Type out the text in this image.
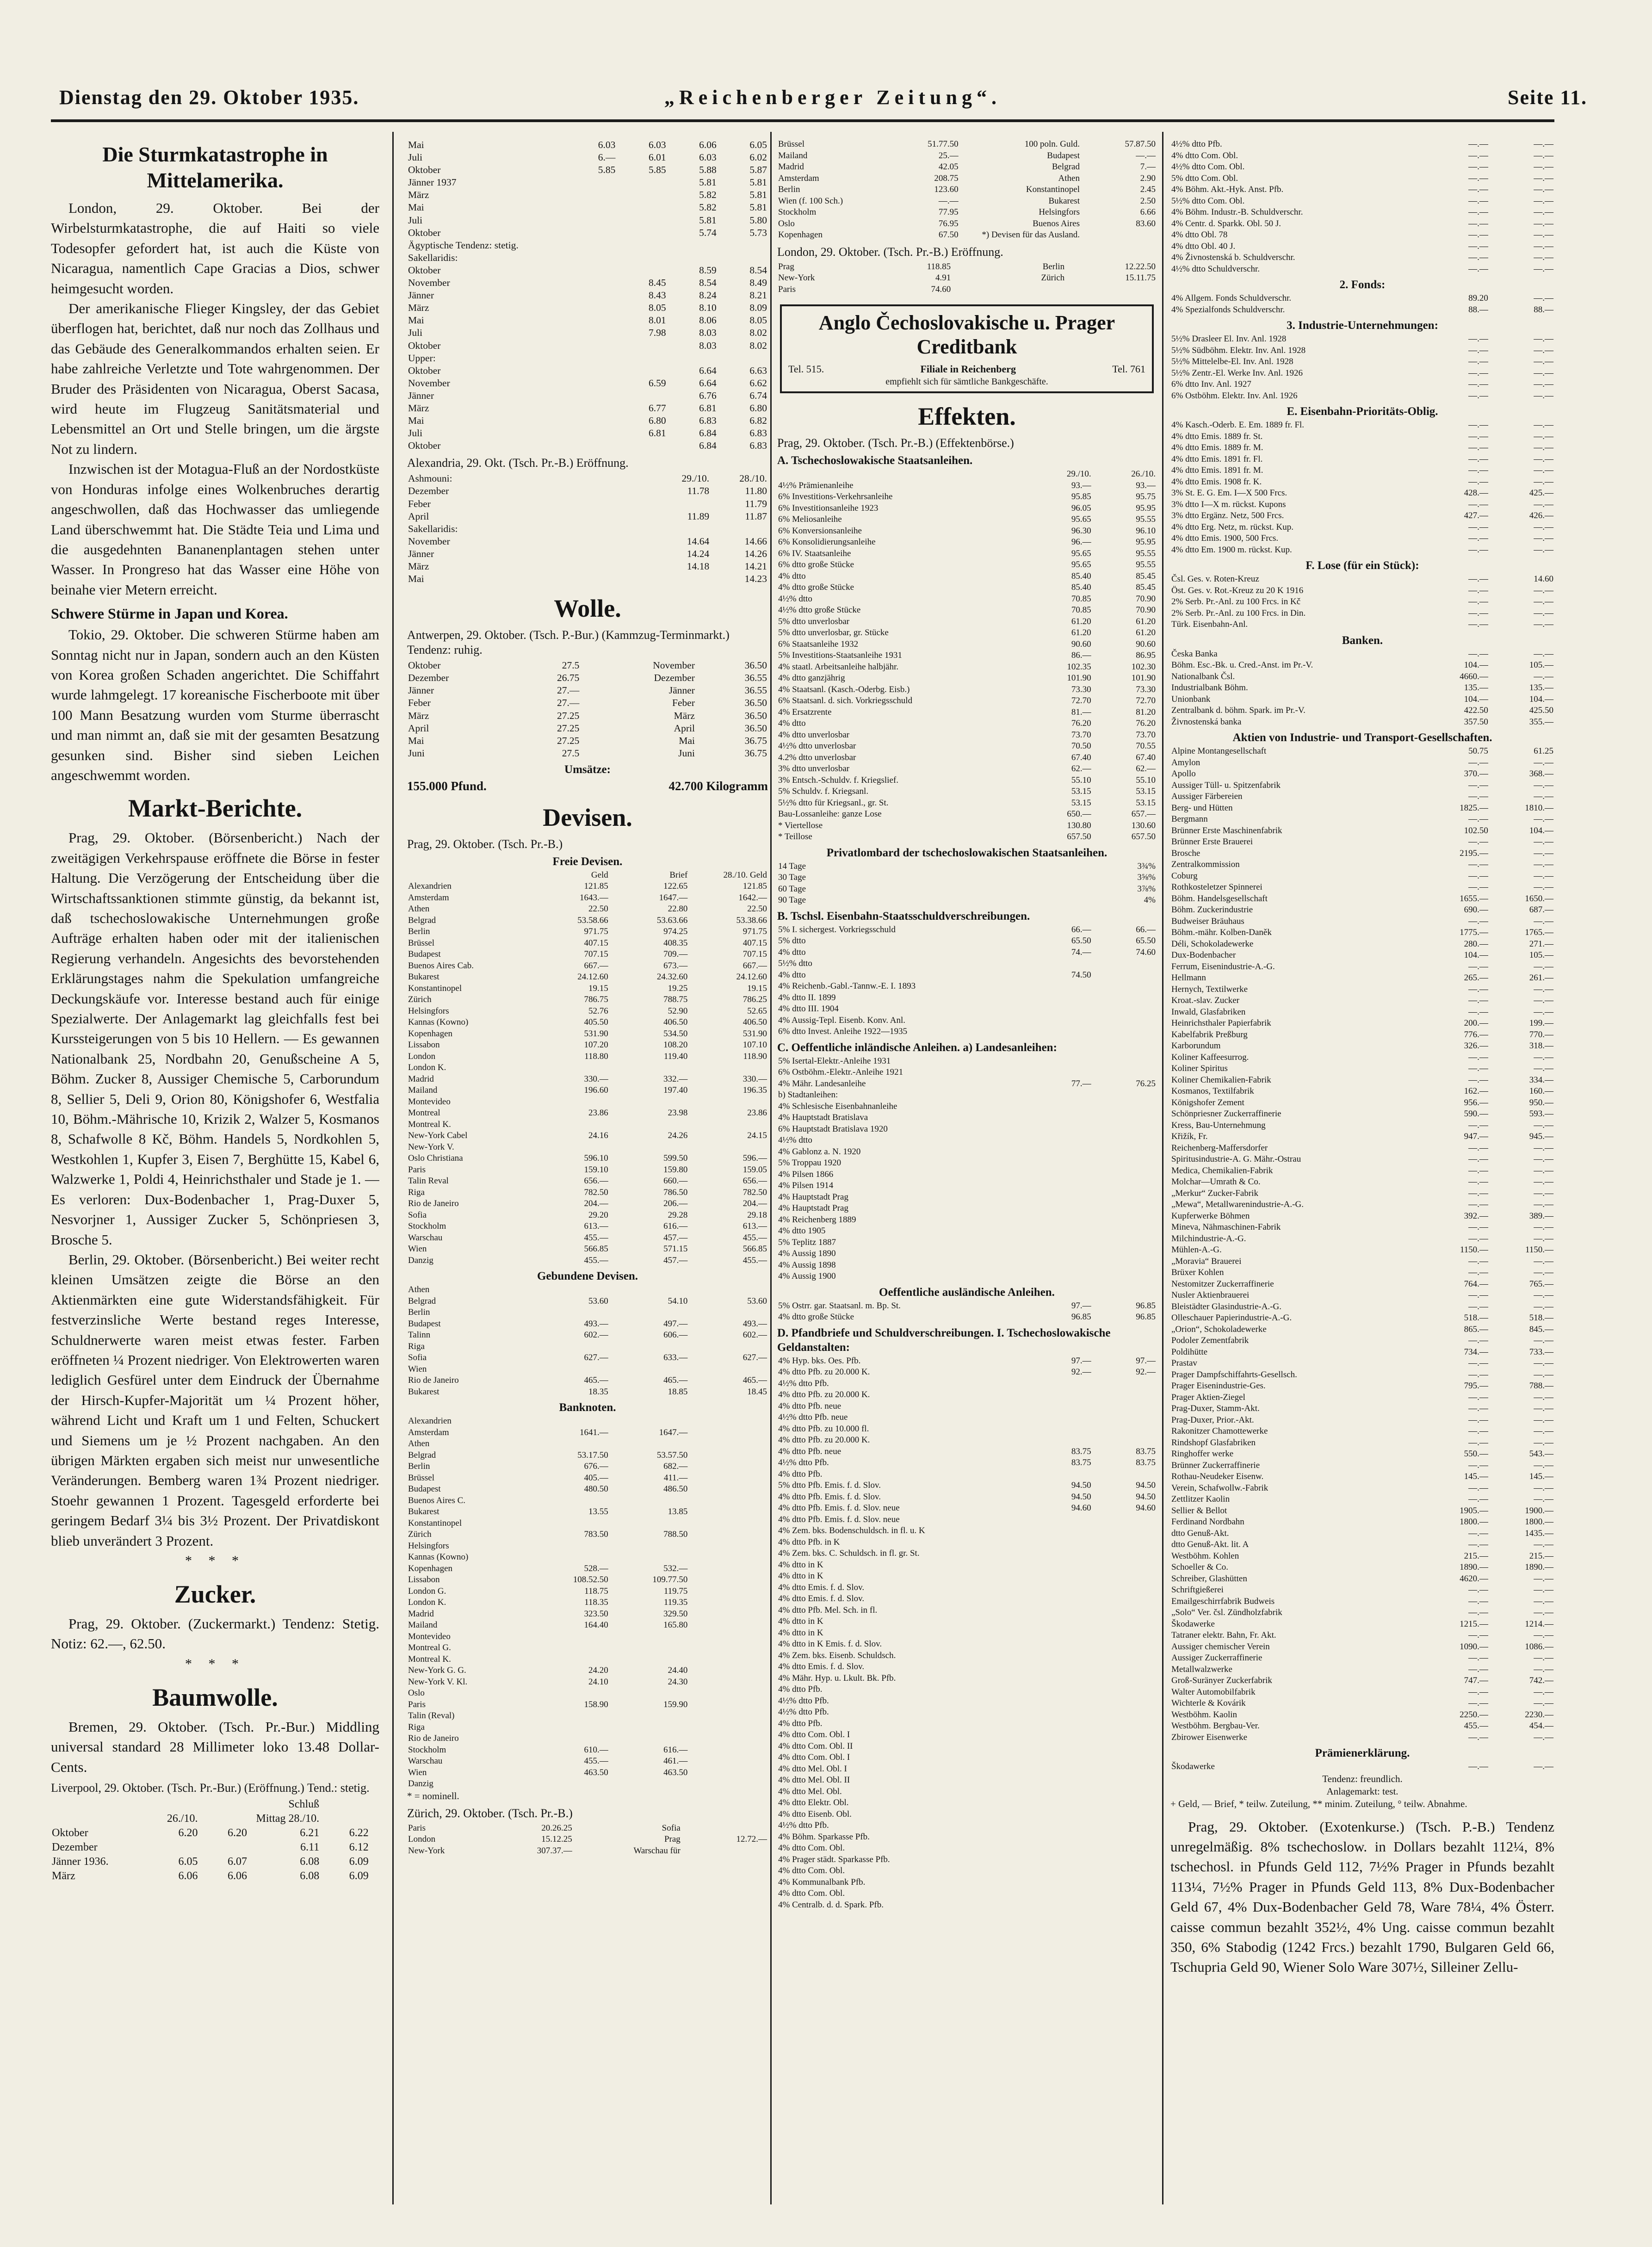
Dienstag den 29. Oktober 1935.	„Reichenberger Zeitung“.	Seite 11.
Die Sturmkatastrophe in Mittelamerika.

London, 29. Oktober. Bei der Wirbelsturmkatastrophe, die auf Haiti so viele Todesopfer gefordert hat, ist auch die Küste von Nicaragua, namentlich Cape Gracias a Dios, schwer heimgesucht worden.

Der amerikanische Flieger Kingsley, der das Gebiet überflogen hat, berichtet, daß nur noch das Zollhaus und das Gebäude des Generalkommandos erhalten seien. Er habe zahlreiche Verletzte und Tote wahrgenommen. Der Bruder des Präsidenten von Nicaragua, Oberst Sacasa, wird heute im Flugzeug Sanitätsmaterial und Lebensmittel an Ort und Stelle bringen, um die ärgste Not zu lindern.

Inzwischen ist der Motagua-Fluß an der Nordostküste von Honduras infolge eines Wolkenbruches derartig angeschwollen, daß das Hochwasser das umliegende Land überschwemmt hat. Die Städte Teia und Lima und die ausgedehnten Bananenplantagen stehen unter Wasser. In Prongreso hat das Wasser eine Höhe von beinahe vier Metern erreicht.

Schwere Stürme in Japan und Korea.

Tokio, 29. Oktober. Die schweren Stürme haben am Sonntag nicht nur in Japan, sondern auch an den Küsten von Korea großen Schaden angerichtet. Die Schiffahrt wurde lahmgelegt. 17 koreanische Fischerboote mit über 100 Mann Besatzung wurden vom Sturme überrascht und man nimmt an, daß sie mit der gesamten Besatzung gesunken sind. Bisher sind sieben Leichen angeschwemmt worden.

Markt-Berichte.

Prag, 29. Oktober. (Börsenbericht.) Nach der zweitägigen Verkehrspause eröffnete die Börse in fester Haltung. Die Verzögerung der Entscheidung über die Wirtschaftssanktionen stimmte günstig, da bekannt ist, daß tschechoslowakische Unternehmungen große Aufträge erhalten haben oder mit der italienischen Regierung verhandeln. Angesichts des bevorstehenden Erklärungstages nahm die Spekulation umfangreiche Deckungskäufe vor. Interesse bestand auch für einige Spezialwerte. Der Anlagemarkt lag gleichfalls fest bei Kurssteigerungen von 5 bis 10 Hellern. — Es gewannen Nationalbank 25, Nordbahn 20, Genußscheine A 5, Böhm. Zucker 8, Aussiger Chemische 5, Carborundum 8, Sellier 5, Deli 9, Orion 80, Königshofer 6, Westfalia 10, Böhm.-Mährische 10, Krizik 2, Walzer 5, Kosmanos 8, Schafwolle 8 Kč, Böhm. Handels 5, Nordkohlen 5, Westkohlen 1, Kupfer 3, Eisen 7, Berghütte 15, Kabel 6, Walzwerke 1, Poldi 4, Heinrichsthaler und Stade je 1. — Es verloren: Dux-Bodenbacher 1, Prag-Duxer 5, Nesvorjner 1, Aussiger Zucker 5, Schönpriesen 3, Brosche 5.

Berlin, 29. Oktober. (Börsenbericht.) Bei weiter recht kleinen Umsätzen zeigte die Börse an den Aktienmärkten eine gute Widerstandsfähigkeit. Für festverzinsliche Werte bestand reges Interesse, Schuldnerwerte waren meist etwas fester. Farben eröffneten ¼ Prozent niedriger. Von Elektrowerten waren lediglich Gesfürel unter dem Eindruck der Übernahme der Hirsch-Kupfer-Majorität um ¼ Prozent höher, während Licht und Kraft um 1 und Felten, Schuckert und Siemens um je ½ Prozent nachgaben. An den übrigen Märkten ergaben sich meist nur unwesentliche Veränderungen. Bemberg waren 1¾ Prozent niedriger. Stoehr gewannen 1 Prozent. Tagesgeld erforderte bei geringem Bedarf 3¼ bis 3½ Prozent. Der Privatdiskont blieb unverändert 3 Prozent.

* * *
Zucker.

Prag, 29. Oktober. (Zuckermarkt.) Tendenz: Stetig. Notiz: 62.—, 62.50.

* * *
Baumwolle.

Bremen, 29. Oktober. (Tsch. Pr.-Bur.) Middling universal standard 28 Millimeter loko 13.48 Dollar-Cents.

Liverpool, 29. Oktober. (Tsch. Pr.-Bur.) (Eröffnung.) Tend.: stetig.
			Schluß		
	26./10.		Mittag 28./10.		
Oktober	6.20	6.20	6.21	6.22	
Dezember			6.11	6.12	
Jänner 1936.	6.05	6.07	6.08	6.09	
März	6.06	6.06	6.08	6.09	
Mai	6.03	6.03	6.06	6.05
Juli	6.—	6.01	6.03	6.02
Oktober	5.85	5.85	5.88	5.87
Jänner 1937			5.81	5.81
März			5.82	5.81
Mai			5.82	5.81
Juli			5.81	5.80
Oktober			5.74	5.73
Ägyptische Tendenz: stetig.				
Sakellaridis:				
Oktober			8.59	8.54
November		8.45	8.54	8.49
Jänner		8.43	8.24	8.21
März		8.05	8.10	8.09
Mai		8.01	8.06	8.05
Juli		7.98	8.03	8.02
Oktober			8.03	8.02
Upper:				
Oktober			6.64	6.63
November		6.59	6.64	6.62
Jänner			6.76	6.74
März		6.77	6.81	6.80
Mai		6.80	6.83	6.82
Juli		6.81	6.84	6.83
Oktober			6.84	6.83
Alexandria, 29. Okt. (Tsch. Pr.-B.) Eröffnung.
Ashmouni:		29./10.	28./10.
Dezember		11.78	11.80
Feber			11.79
April		11.89	11.87
Sakellaridis:			
November		14.64	14.66
Jänner		14.24	14.26
März		14.18	14.21
Mai			14.23
Wolle.
Antwerpen, 29. Oktober. (Tsch. P.-Bur.) (Kammzug-Terminmarkt.) Tendenz: ruhig.
Oktober	27.5	November	36.50
Dezember	26.75	Dezember	36.55
Jänner	27.—	Jänner	36.55
Feber	27.—	Feber	36.50
März	27.25	März	36.50
April	27.25	April	36.50
Mai	27.25	Mai	36.75
Juni	27.5	Juni	36.75
Umsätze:
155.000 Pfund.	42.700 Kilogramm
Devisen.
Prag, 29. Oktober. (Tsch. Pr.-B.)
Freie Devisen.
	Geld	Brief	28./10. Geld
Alexandrien	121.85	122.65	121.85
Amsterdam	1643.—	1647.—	1642.—
Athen	22.50	22.80	22.50
Belgrad	53.58.66	53.63.66	53.38.66
Berlin	971.75	974.25	971.75
Brüssel	407.15	408.35	407.15
Budapest	707.15	709.—	707.15
Buenos Aires Cab.	667.—	673.—	667.—
Bukarest	24.12.60	24.32.60	24.12.60
Konstantinopel	19.15	19.25	19.15
Zürich	786.75	788.75	786.25
Helsingfors	52.76	52.90	52.65
Kannas (Kowno)	405.50	406.50	406.50
Kopenhagen	531.90	534.50	531.90
Lissabon	107.20	108.20	107.10
London	118.80	119.40	118.90
London K.			
Madrid	330.—	332.—	330.—
Mailand	196.60	197.40	196.35
Montevideo			
Montreal	23.86	23.98	23.86
Montreal K.			
New-York Cabel	24.16	24.26	24.15
New-York V.			
Oslo Christiana	596.10	599.50	596.—
Paris	159.10	159.80	159.05
Talin Reval	656.—	660.—	656.—
Riga	782.50	786.50	782.50
Rio de Janeiro	204.—	206.—	204.—
Sofia	29.20	29.28	29.18
Stockholm	613.—	616.—	613.—
Warschau	455.—	457.—	455.—
Wien	566.85	571.15	566.85
Danzig	455.—	457.—	455.—
Gebundene Devisen.
Athen			
Belgrad	53.60	54.10	53.60
Berlin			
Budapest	493.—	497.—	493.—
Talinn	602.—	606.—	602.—
Riga			
Sofia	627.—	633.—	627.—
Wien			
Rio de Janeiro	465.—	465.—	465.—
Bukarest	18.35	18.85	18.45
Banknoten.
Alexandrien			
Amsterdam	1641.—	1647.—	
Athen			
Belgrad	53.17.50	53.57.50	
Berlin	676.—	682.—	
Brüssel	405.—	411.—	
Budapest	480.50	486.50	
Buenos Aires C.			
Bukarest	13.55	13.85	
Konstantinopel			
Zürich	783.50	788.50	
Helsingfors			
Kannas (Kowno)			
Kopenhagen	528.—	532.—	
Lissabon	108.52.50	109.77.50	
London G.	118.75	119.75	
London K.	118.35	119.35	
Madrid	323.50	329.50	
Mailand	164.40	165.80	
Montevideo			
Montreal G.			
Montreal K.			
New-York G. G.	24.20	24.40	
New-York V. Kl.	24.10	24.30	
Oslo			
Paris	158.90	159.90	
Talin (Reval)			
Riga			
Rio de Janeiro			
Stockholm	610.—	616.—	
Warschau	455.—	461.—	
Wien	463.50	463.50	
Danzig			
* = nominell.
Zürich, 29. Oktober. (Tsch. Pr.-B.)
Paris	20.26.25	Sofia	
London	15.12.25	Prag	12.72.—
New-York	307.37.—	Warschau für	
Brüssel	51.77.50	100 poln. Guld.	57.87.50
Mailand	25.—	Budapest	—.—
Madrid	42.05	Belgrad	7.—
Amsterdam	208.75	Athen	2.90
Berlin	123.60	Konstantinopel	2.45
Wien (f. 100 Sch.)	—.—	Bukarest	2.50
Stockholm	77.95	Helsingfors	6.66
Oslo	76.95	Buenos Aires	83.60
Kopenhagen	67.50	*) Devisen für das Ausland.	
London, 29. Oktober. (Tsch. Pr.-B.) Eröffnung.
Prag	118.85	Berlin	12.22.50
New-York	4.91	Zürich	15.11.75
Paris	74.60		
Anglo Čechoslovakische u. Prager Creditbank
Tel. 515.	Filiale in Reichenberg	Tel. 761
empfiehlt sich für sämtliche Bankgeschäfte.
Effekten.
Prag, 29. Oktober. (Tsch. Pr.-B.) (Effektenbörse.)
A. Tschechoslowakische Staatsanleihen.
	29./10.	26./10.
4½% Prämienanleihe	93.—	93.—
6% Investitions-Verkehrsanleihe	95.85	95.75
6% Investitionsanleihe 1923	96.05	95.95
6% Meliosanleihe	95.65	95.55
6% Konversionsanleihe	96.30	96.10
6% Konsolidierungsanleihe	96.—	95.95
6% IV. Staatsanleihe	95.65	95.55
6% dtto große Stücke	95.65	95.55
4% dtto	85.40	85.45
4% dtto große Stücke	85.40	85.45
4½% dtto	70.85	70.90
4½% dtto große Stücke	70.85	70.90
5% dtto unverlosbar	61.20	61.20
5% dtto unverlosbar, gr. Stücke	61.20	61.20
6% Staatsanleihe 1932	90.60	90.60
5% Investitions-Staatsanleihe 1931	86.—	86.95
4% staatl. Arbeitsanleihe halbjähr.	102.35	102.30
4% dtto ganzjährig	101.90	101.90
4% Staatsanl. (Kasch.-Oderbg. Eisb.)	73.30	73.30
6% Staatsanl. d. sich. Vorkriegsschuld	72.70	72.70
4% Ersatzrente	81.—	81.20
4% dtto	76.20	76.20
4% dtto unverlosbar	73.70	73.70
4½% dtto unverlosbar	70.50	70.55
4.2% dtto unverlosbar	67.40	67.40
3% dtto unverlosbar	62.—	62.—
3% Entsch.-Schuldv. f. Kriegslief.	55.10	55.10
5% Schuldv. f. Kriegsanl.	53.15	53.15
5½% dtto für Kriegsanl., gr. St.	53.15	53.15
Bau-Lossanleihe: ganze Lose	650.—	657.—
* Viertellose	130.80	130.60
* Teillose	657.50	657.50
Privatlombard der tschechoslowakischen Staatsanleihen.
14 Tage	3¾%
30 Tage	3⅝%
60 Tage	3⅞%
90 Tage	4%
B. Tschsl. Eisenbahn-Staatsschuldverschreibungen.
5% I. sichergest. Vorkriegsschuld	66.—	66.—
5% dtto	65.50	65.50
4% dtto	74.—	74.60
5½% dtto		
4% dtto	74.50	
4% Reichenb.-Gabl.-Tannw.-E. I. 1893		
4% dtto II. 1899		
4% dtto III. 1904		
4% Aussig-Tepl. Eisenb. Konv. Anl.		
6% dtto Invest. Anleihe 1922—1935		
C. Oeffentliche inländische Anleihen. a) Landesanleihen:
5% Isertal-Elektr.-Anleihe 1931		
6% Ostböhm.-Elektr.-Anleihe 1921		
4% Mähr. Landesanleihe	77.—	76.25
b) Stadtanleihen:		
4% Schlesische Eisenbahnanleihe		
4% Hauptstadt Bratislava		
6% Hauptstadt Bratislava 1920		
4½% dtto		
4% Gablonz a. N. 1920		
5% Troppau 1920		
4% Pilsen 1866		
4% Pilsen 1914		
4% Hauptstadt Prag		
4% Hauptstadt Prag		
4% Reichenberg 1889		
4% dtto 1905		
5% Teplitz 1887		
4% Aussig 1890		
4% Aussig 1898		
4% Aussig 1900		
Oeffentliche ausländische Anleihen.
5% Ostrr. gar. Staatsanl. m. Bp. St.	97.—	96.85
4% dtto große Stücke	96.85	96.85
D. Pfandbriefe und Schuldverschreibungen. I. Tschechoslowakische Geldanstalten:
4% Hyp. bks. Oes. Pfb.	97.—	97.—
4% dtto Pfb. zu 20.000 K.	92.—	92.—
4½% dtto Pfb.		
4% dtto Pfb. zu 20.000 K.		
4% dtto Pfb. neue		
4½% dtto Pfb. neue		
4% dtto Pfb. zu 10.000 fl.		
4% dtto Pfb. zu 20.000 K.		
4% dtto Pfb. neue	83.75	83.75
4½% dtto Pfb.	83.75	83.75
4% dtto Pfb.		
5% dtto Pfb. Emis. f. d. Slov.	94.50	94.50
4% dtto Pfb. Emis. f. d. Slov.	94.50	94.50
4% dtto Pfb. Emis. f. d. Slov. neue	94.60	94.60
4% dtto Pfb. Emis. f. d. Slov. neue		
4% Zem. bks. Bodenschuldsch. in fl. u. K		
4% dtto Pfb. in K		
4% Zem. bks. C. Schuldsch. in fl. gr. St.		
4% dtto in K		
4% dtto in K		
4% dtto Emis. f. d. Slov.		
4% dtto Emis. f. d. Slov.		
4% dtto Pfb. Mel. Sch. in fl.		
4% dtto in K		
4% dtto in K		
4% dtto in K Emis. f. d. Slov.		
4% Zem. bks. Eisenb. Schuldsch.		
4% dtto Emis. f. d. Slov.		
4% Mähr. Hyp. u. Lkult. Bk. Pfb.		
4% dtto Pfb.		
4½% dtto Pfb.		
4½% dtto Pfb.		
4% dtto Pfb.		
4% dtto Com. Obl. I		
4% dtto Com. Obl. II		
4% dtto Com. Obl. I		
4% dtto Mel. Obl. I		
4% dtto Mel. Obl. II		
4% dtto Mel. Obl.		
4% dtto Elektr. Obl.		
4% dtto Eisenb. Obl.		
4½% dtto Pfb.		
4% Böhm. Sparkasse Pfb.		
4% dtto Com. Obl.		
4% Prager städt. Sparkasse Pfb.		
4% dtto Com. Obl.		
4% Kommunalbank Pfb.		
4% dtto Com. Obl.		
4% Centralb. d. d. Spark. Pfb.		
4½% dtto Pfb.	—.—	—.—
4% dtto Com. Obl.	—.—	—.—
4½% dtto Com. Obl.	—.—	—.—
5% dtto Com. Obl.	—.—	—.—
4% Böhm. Akt.-Hyk. Anst. Pfb.	—.—	—.—
5½% dtto Com. Obl.	—.—	—.—
4% Böhm. Industr.-B. Schuldverschr.	—.—	—.—
4% Centr. d. Sparkk. Obl. 50 J.	—.—	—.—
4% dtto Obl. 78	—.—	—.—
4% dtto Obl. 40 J.	—.—	—.—
4% Živnostenská b. Schuldverschr.	—.—	—.—
4½% dtto Schuldverschr.	—.—	—.—
2. Fonds:
4% Allgem. Fonds Schuldverschr.	89.20	—.—
4% Spezialfonds Schuldverschr.	88.—	88.—
3. Industrie-Unternehmungen:
5½% Drasleer El. Inv. Anl. 1928	—.—	—.—
5½% Südböhm. Elektr. Inv. Anl. 1928	—.—	—.—
5½% Mittelelbe-El. Inv. Anl. 1928	—.—	—.—
5½% Zentr.-El. Werke Inv. Anl. 1926	—.—	—.—
6% dtto Inv. Anl. 1927	—.—	—.—
6% Ostböhm. Elektr. Inv. Anl. 1926	—.—	—.—
E. Eisenbahn-Prioritäts-Oblig.
4% Kasch.-Oderb. E. Em. 1889 fr. Fl.	—.—	—.—
4% dtto Emis. 1889 fr. St.	—.—	—.—
4% dtto Emis. 1889 fr. M.	—.—	—.—
4% dtto Emis. 1891 fr. Fl.	—.—	—.—
4% dtto Emis. 1891 fr. M.	—.—	—.—
4% dtto Emis. 1908 fr. K.	—.—	—.—
3% St. E. G. Em. I—X 500 Frcs.	428.—	425.—
3% dtto I—X m. rückst. Kupons	—.—	—.—
3% dtto Ergänz. Netz, 500 Frcs.	427.—	426.—
4% dtto Erg. Netz, m. rückst. Kup.	—.—	—.—
4% dtto Emis. 1900, 500 Frcs.	—.—	—.—
4% dtto Em. 1900 m. rückst. Kup.	—.—	—.—
F. Lose (für ein Stück):
Čsl. Ges. v. Roten-Kreuz	—.—	14.60
Öst. Ges. v. Rot.-Kreuz zu 20 K 1916	—.—	—.—
2% Serb. Pr.-Anl. zu 100 Frcs. in Kč	—.—	—.—
2% Serb. Pr.-Anl. zu 100 Frcs. in Din.	—.—	—.—
Türk. Eisenbahn-Anl.	—.—	—.—
Banken.
Česka Banka	—.—	—.—
Böhm. Esc.-Bk. u. Cred.-Anst. im Pr.-V.	104.—	105.—
Nationalbank Čsl.	4660.—	—.—
Industrialbank Böhm.	135.—	135.—
Unionbank	104.—	104.—
Zentralbank d. böhm. Spark. im Pr.-V.	422.50	425.50
Živnostenská banka	357.50	355.—
Aktien von Industrie- und Transport-Gesellschaften.
Alpine Montangesellschaft	50.75	61.25
Amylon	—.—	—.—
Apollo	370.—	368.—
Aussiger Tüll- u. Spitzenfabrik	—.—	—.—
Aussiger Färbereien	—.—	—.—
Berg- und Hütten	1825.—	1810.—
Bergmann	—.—	—.—
Brünner Erste Maschinenfabrik	102.50	104.—
Brünner Erste Brauerei	—.—	—.—
Brosche	2195.—	—.—
Zentralkommission	—.—	—.—
Coburg	—.—	—.—
Rothkosteletzer Spinnerei	—.—	—.—
Böhm. Handelsgesellschaft	1655.—	1650.—
Böhm. Zuckerindustrie	690.—	687.—
Budweiser Bräuhaus	—.—	—.—
Böhm.-mähr. Kolben-Daněk	1775.—	1765.—
Déli, Schokoladewerke	280.—	271.—
Dux-Bodenbacher	104.—	105.—
Ferrum, Eisenindustrie-A.-G.	—.—	—.—
Hellmann	265.—	261.—
Hernych, Textilwerke	—.—	—.—
Kroat.-slav. Zucker	—.—	—.—
Inwald, Glasfabriken	—.—	—.—
Heinrichsthaler Papierfabrik	200.—	199.—
Kabelfabrik Preßburg	776.—	770.—
Karborundum	326.—	318.—
Koliner Kaffeesurrog.	—.—	—.—
Koliner Spiritus	—.—	—.—
Koliner Chemikalien-Fabrik	—.—	334.—
Kosmanos, Textilfabrik	162.—	160.—
Königshofer Zement	956.—	950.—
Schönpriesner Zuckerraffinerie	590.—	593.—
Kress, Bau-Unternehmung	—.—	—.—
Křižík, Fr.	947.—	945.—
Reichenberg-Maffersdorfer	—.—	—.—
Spiritusindustrie-A. G. Mähr.-Ostrau	—.—	—.—
Medica, Chemikalien-Fabrik	—.—	—.—
Molchar—Umrath & Co.	—.—	—.—
„Merkur“ Zucker-Fabrik	—.—	—.—
„Mewa“, Metallwarenindustrie-A.-G.	—.—	—.—
Kupferwerke Böhmen	392.—	389.—
Mineva, Nähmaschinen-Fabrik	—.—	—.—
Milchindustrie-A.-G.	—.—	—.—
Mühlen-A.-G.	1150.—	1150.—
„Moravia“ Brauerei	—.—	—.—
Brüxer Kohlen	—.—	—.—
Nestomitzer Zuckerraffinerie	764.—	765.—
Nusler Aktienbrauerei	—.—	—.—
Bleistädter Glasindustrie-A.-G.	—.—	—.—
Olleschauer Papierindustrie-A.-G.	518.—	518.—
„Orion“, Schokoladewerke	865.—	845.—
Podoler Zementfabrik	—.—	—.—
Poldihütte	734.—	733.—
Prastav	—.—	—.—
Prager Dampfschiffahrts-Gesellsch.	—.—	—.—
Prager Eisenindustrie-Ges.	795.—	788.—
Prager Aktien-Ziegel	—.—	—.—
Prag-Duxer, Stamm-Akt.	—.—	—.—
Prag-Duxer, Prior.-Akt.	—.—	—.—
Rakonitzer Chamottewerke	—.—	—.—
Rindshopf Glasfabriken	—.—	—.—
Ringhoffer werke	550.—	543.—
Brünner Zuckerraffinerie	—.—	—.—
Rothau-Neudeker Eisenw.	145.—	145.—
Verein, Schafwollw.-Fabrik	—.—	—.—
Zettlitzer Kaolin	—.—	—.—
Sellier & Bellot	1905.—	1900.—
Ferdinand Nordbahn	1800.—	1800.—
dtto Genuß-Akt.	—.—	1435.—
dtto Genuß-Akt. lit. A	—.—	—.—
Westböhm. Kohlen	215.—	215.—
Schoeller & Co.	1890.—	1890.—
Schreiber, Glashütten	4620.—	—.—
Schriftgießerei	—.—	—.—
Emailgeschirrfabrik Budweis	—.—	—.—
„Solo“ Ver. čsl. Zündholzfabrik	—.—	—.—
Škodawerke	1215.—	1214.—
Tatraner elektr. Bahn, Fr. Akt.	—.—	—.—
Aussiger chemischer Verein	1090.—	1086.—
Aussiger Zuckerraffinerie	—.—	—.—
Metallwalzwerke	—.—	—.—
Groß-Suränyer Zuckerfabrik	747.—	742.—
Walter Automobilfabrik	—.—	—.—
Wichterle & Kovárik	—.—	—.—
Westböhm. Kaolin	2250.—	2230.—
Westböhm. Bergbau-Ver.	455.—	454.—
Zbirower Eisenwerke	—.—	—.—
Prämienerklärung.
Škodawerke	—.—	—.—
Tendenz: freundlich.
Anlagemarkt: test.
+ Geld, — Brief, * teilw. Zuteilung, ** minim. Zuteilung, ° teilw. Abnahme.

Prag, 29. Oktober. (Exotenkurse.) (Tsch. P.-B.) Tendenz unregelmäßig. 8% tschechoslow. in Dollars bezahlt 112¼, 8% tschechosl. in Pfunds Geld 112, 7½% Prager in Pfunds bezahlt 113¼, 7½% Prager in Pfunds Geld 113, 8% Dux-Bodenbacher Geld 67, 4% Dux-Bodenbacher Geld 78, Ware 78¼, 4% Österr. caisse commun bezahlt 352½, 4% Ung. caisse commun bezahlt 350, 6% Stabodig (1242 Frcs.) bezahlt 1790, Bulgaren Geld 66, Tschupria Geld 90, Wiener Solo Ware 307½, Silleiner Zellu-
